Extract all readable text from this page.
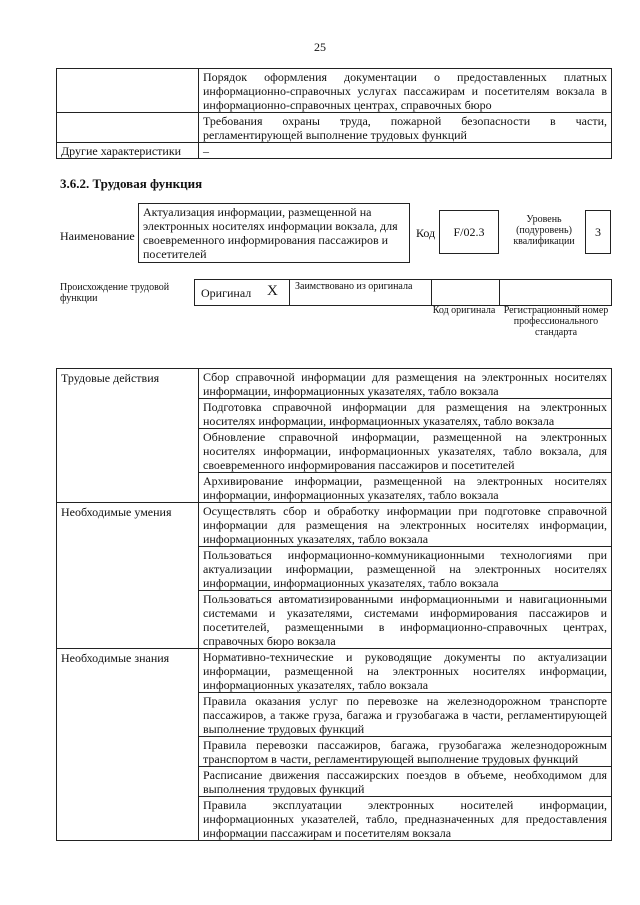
25
	Порядок оформления документации о предоставленных платных информационно-справочных услугах пассажирам и посетителям вокзала в информационно-справочных центрах, справочных бюро
	Требования охраны труда, пожарной безопасности в части, регламентирующей выполнение трудовых функций
Другие характеристики	–
3.6.2. Трудовая функция
Наименование
Актуализация информации, размещенной на электронных носителях информации вокзала, для своевременного информирования пассажиров и посетителей
Код	F/02.3
Уровень (подуровень) квалификации
3
Происхождение трудовой функции	Оригинал X Заимствовано из оригинала
Код оригинала Регистрационный номер профессионального стандарта
Трудовые действия	Сбор справочной информации для размещения на электронных носителях информации, информационных указателях, табло вокзала
	Подготовка справочной информации для размещения на электронных носителях информации, информационных указателях, табло вокзала
	Обновление справочной информации, размещенной на электронных носителях информации, информационных указателях, табло вокзала, для своевременного информирования пассажиров и посетителей
	Архивирование информации, размещенной на электронных носителях информации, информационных указателях, табло вокзала
Необходимые умения	Осуществлять сбор и обработку информации при подготовке справочной информации для размещения на электронных носителях информации, информационных указателях, табло вокзала
	Пользоваться информационно-коммуникационными технологиями при актуализации информации, размещенной на электронных носителях информации, информационных указателях, табло вокзала
	Пользоваться автоматизированными информационными и навигационными системами и указателями, системами информирования пассажиров и посетителей, размещенными в информационно-справочных центрах, справочных бюро вокзала
Необходимые знания	Нормативно-технические и руководящие документы по актуализации информации, размещенной на электронных носителях информации, информационных указателях, табло вокзала
	Правила оказания услуг по перевозке на железнодорожном транспорте пассажиров, а также груза, багажа и грузобагажа в части, регламентирующей выполнение трудовых функций
	Правила перевозки пассажиров, багажа, грузобагажа железнодорожным транспортом в части, регламентирующей выполнение трудовых функций
	Расписание движения пассажирских поездов в объеме, необходимом для выполнения трудовых функций
	Правила эксплуатации электронных носителей информации, информационных указателей, табло, предназначенных для предоставления информации пассажирам и посетителям вокзала
